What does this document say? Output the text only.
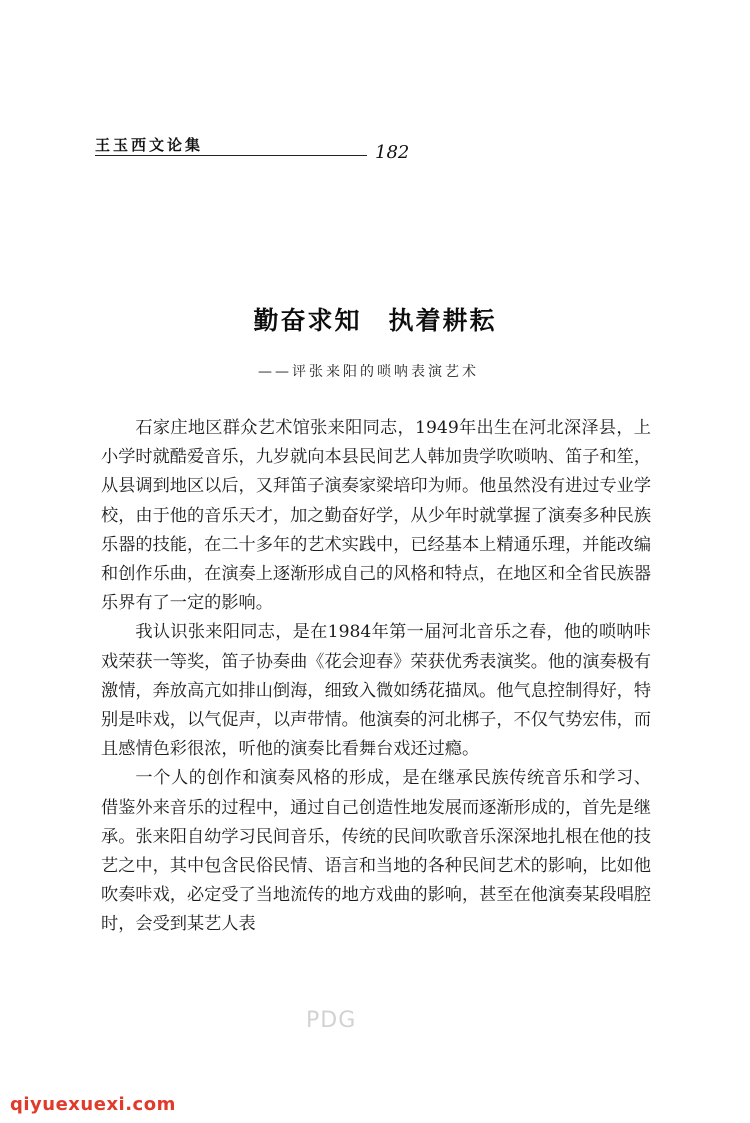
王玉西文论集	182
勤奋求知　执着耕耘
——评张来阳的唢呐表演艺术

石家庄地区群众艺术馆张来阳同志，1949年出生在河北深泽县，上小学时就酷爱音乐，九岁就向本县民间艺人韩加贵学吹唢呐、笛子和笙，从县调到地区以后，又拜笛子演奏家梁培印为师。他虽然没有进过专业学校，由于他的音乐天才，加之勤奋好学，从少年时就掌握了演奏多种民族乐器的技能，在二十多年的艺术实践中，已经基本上精通乐理，并能改编和创作乐曲，在演奏上逐渐形成自己的风格和特点，在地区和全省民族器乐界有了一定的影响。

我认识张来阳同志，是在1984年第一届河北音乐之春，他的唢呐咔戏荣获一等奖，笛子协奏曲《花会迎春》荣获优秀表演奖。他的演奏极有激情，奔放高亢如排山倒海，细致入微如绣花描凤。他气息控制得好，特别是咔戏，以气促声，以声带情。他演奏的河北梆子，不仅气势宏伟，而且感情色彩很浓，听他的演奏比看舞台戏还过瘾。

一个人的创作和演奏风格的形成，是在继承民族传统音乐和学习、借鉴外来音乐的过程中，通过自己创造性地发展而逐渐形成的，首先是继承。张来阳自幼学习民间音乐，传统的民间吹歌音乐深深地扎根在他的技艺之中，其中包含民俗民情、语言和当地的各种民间艺术的影响，比如他吹奏咔戏，必定受了当地流传的地方戏曲的影响，甚至在他演奏某段唱腔时，会受到某艺人表

PDG
qiyuexuexi.com
